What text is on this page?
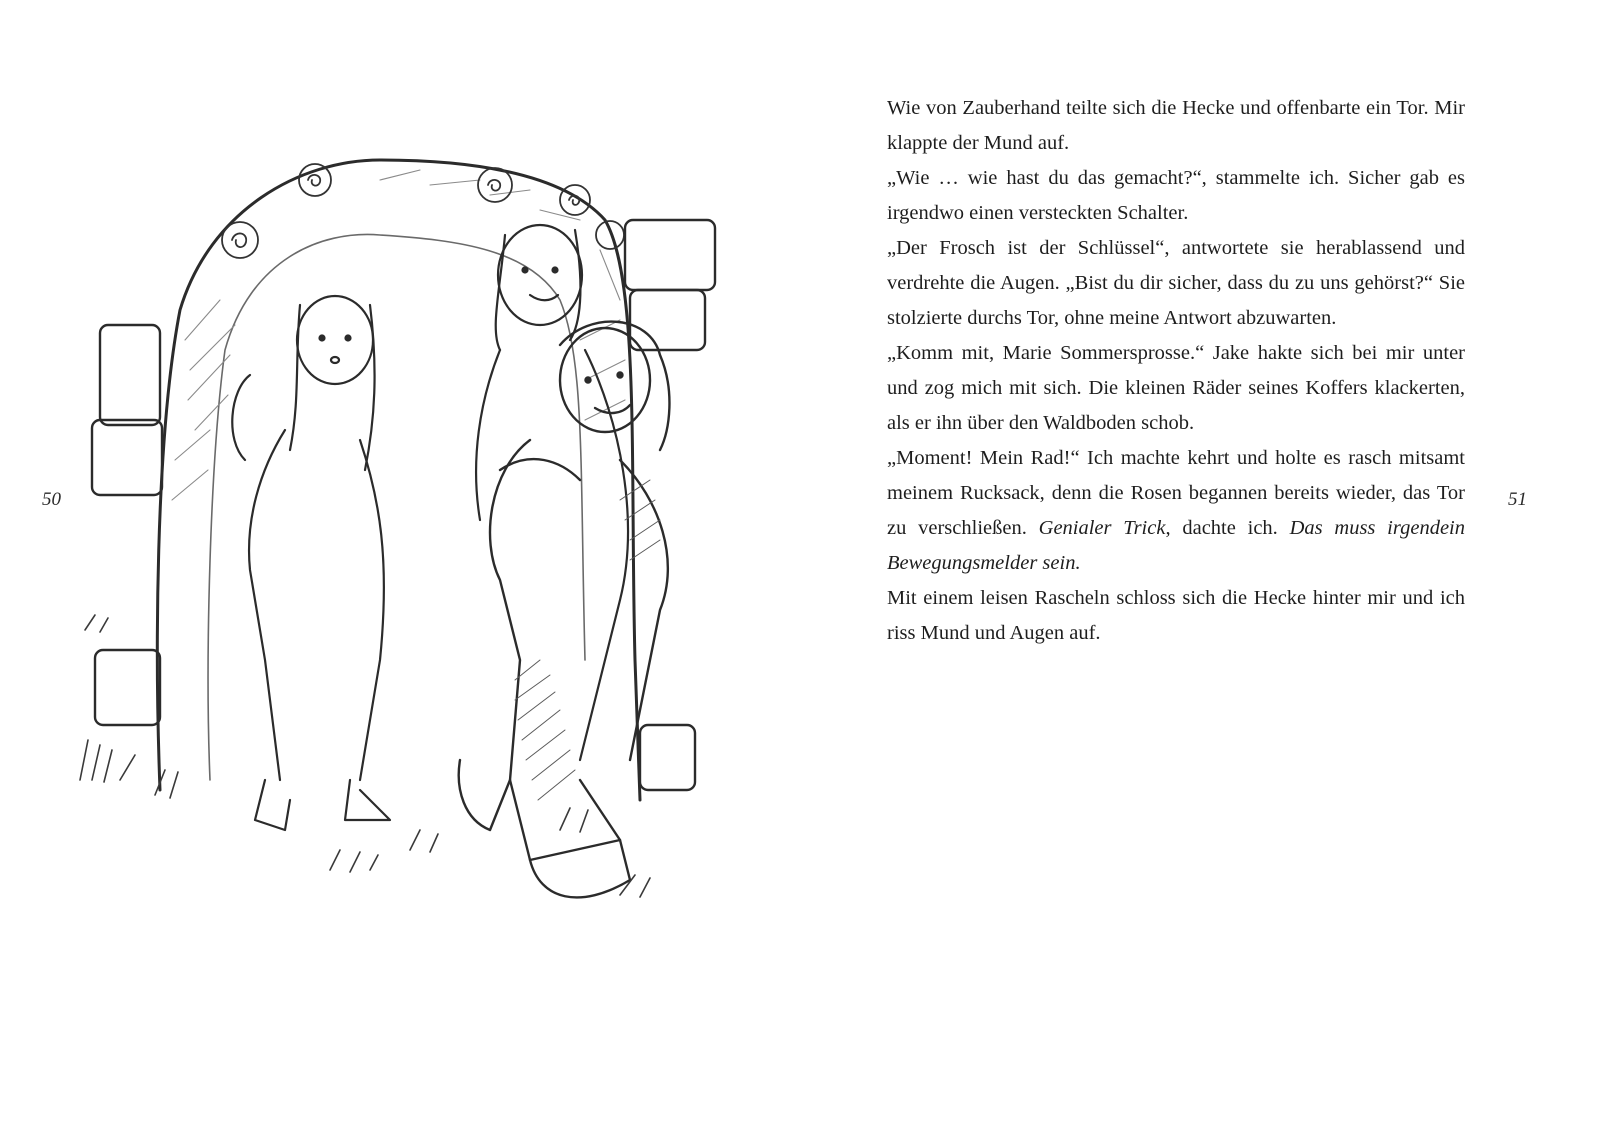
50	51

Wie von Zauberhand teilte sich die Hecke und offenbarte ein Tor. Mir klappte der Mund auf.

„Wie … wie hast du das gemacht?“, stammelte ich. Sicher gab es irgendwo einen versteckten Schalter.

„Der Frosch ist der Schlüssel“, antwortete sie herablassend und verdrehte die Augen. „Bist du dir sicher, dass du zu uns gehörst?“ Sie stolzierte durchs Tor, ohne meine Antwort abzuwarten.

„Komm mit, Marie Sommersprosse.“ Jake hakte sich bei mir unter und zog mich mit sich. Die kleinen Räder seines Koffers klackerten, als er ihn über den Waldboden schob.

„Moment! Mein Rad!“ Ich machte kehrt und holte es rasch mitsamt meinem Rucksack, denn die Rosen begannen bereits wieder, das Tor zu verschließen. Genialer Trick, dachte ich. Das muss irgendein Bewegungsmelder sein.

Mit einem leisen Rascheln schloss sich die Hecke hinter mir und ich riss Mund und Augen auf.
